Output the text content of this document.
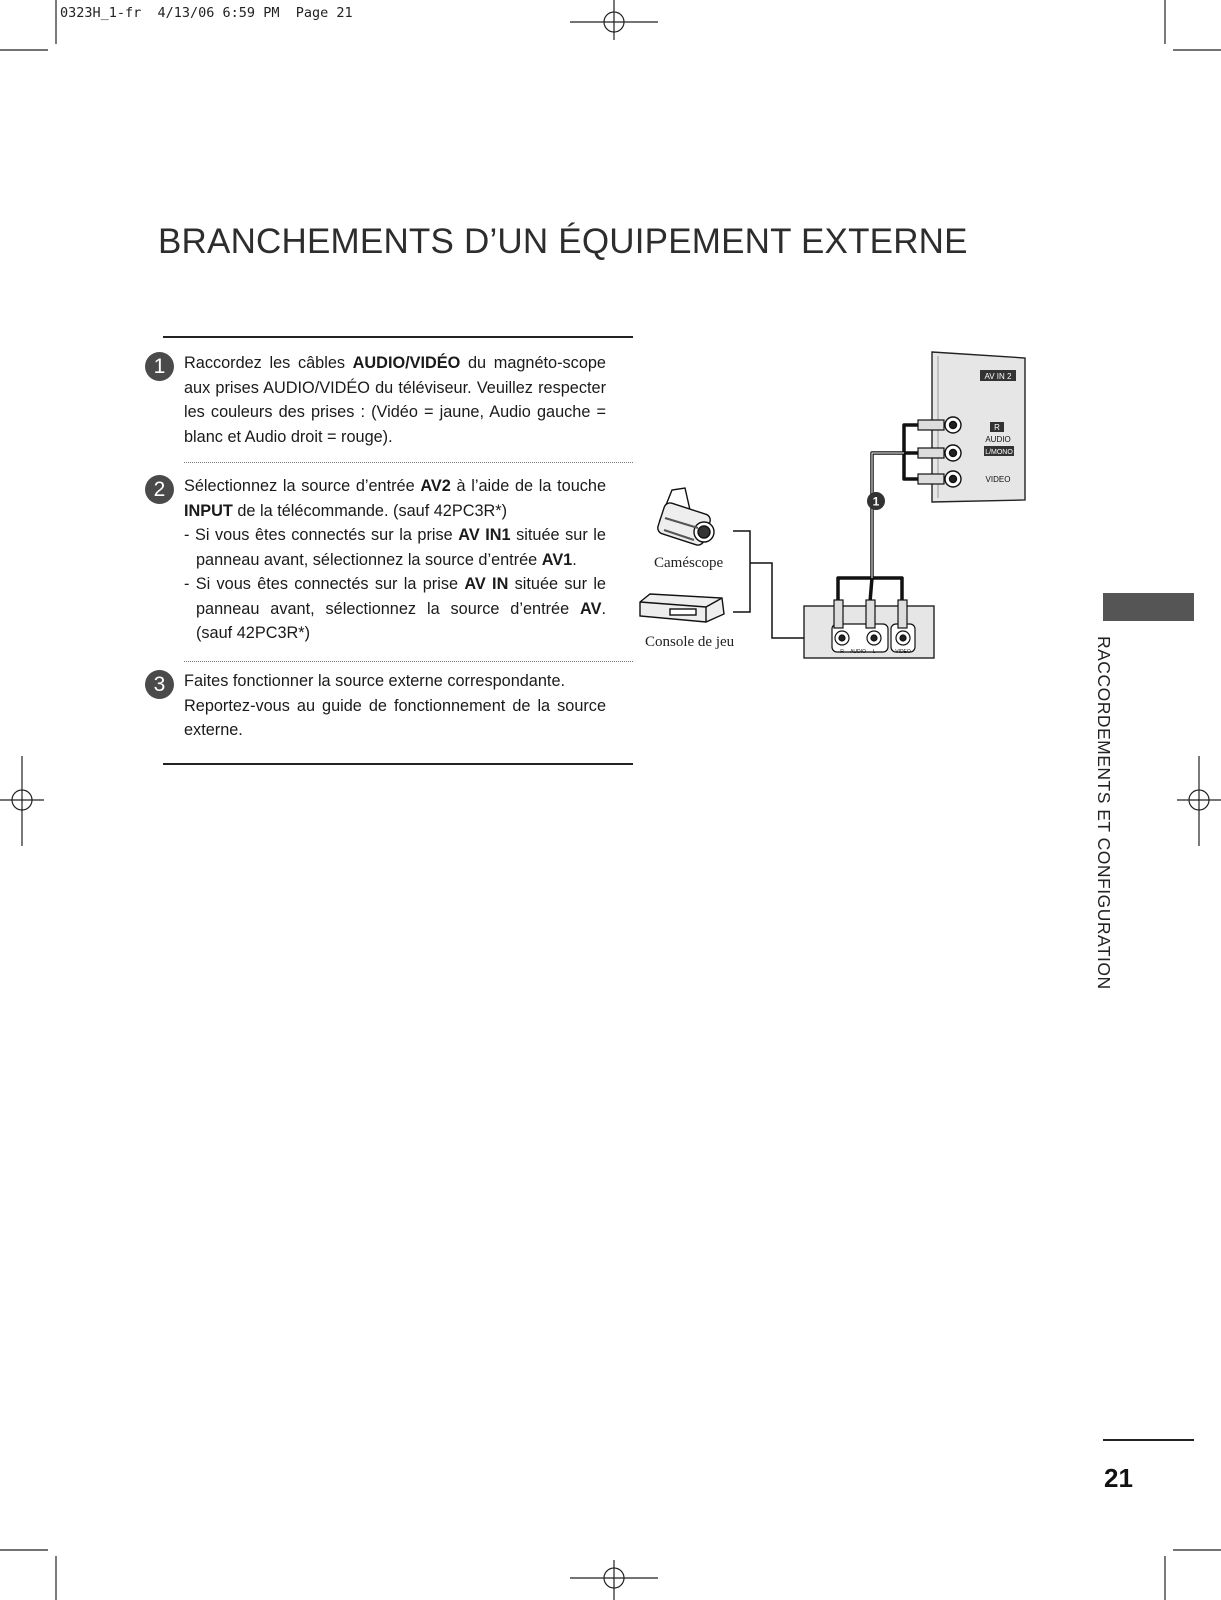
0323H_1-fr  4/13/06 6:59 PM  Page 21
BRANCHEMENTS D’UN ÉQUIPEMENT EXTERNE
1	Raccordez les câbles AUDIO/VIDÉO du magnéto-scope aux prises AUDIO/VIDÉO du téléviseur. Veuillez respecter les couleurs des prises : (Vidéo = jaune, Audio gauche = blanc et Audio droit = rouge).

2	Sélectionnez la source d’entrée AV2 à l’aide de la touche INPUT de la télécommande. (sauf 42PC3R*)

- Si vous êtes connectés sur la prise AV IN1 située sur le panneau avant, sélectionnez la source d’entrée AV1.

- Si vous êtes connectés sur la prise AV IN située sur le panneau avant, sélectionnez la source d’entrée AV. (sauf 42PC3R*)

3	Faites fonctionner la source externe correspondante.

Reportez-vous au guide de fonctionnement de la source externe.

AV IN 2
R
AUDIO
L/MONO
VIDEO
1
R AUDIO L	VIDEO
Caméscope
Console de jeu	RACCORDEMENTS ET CONFIGURATION
21
